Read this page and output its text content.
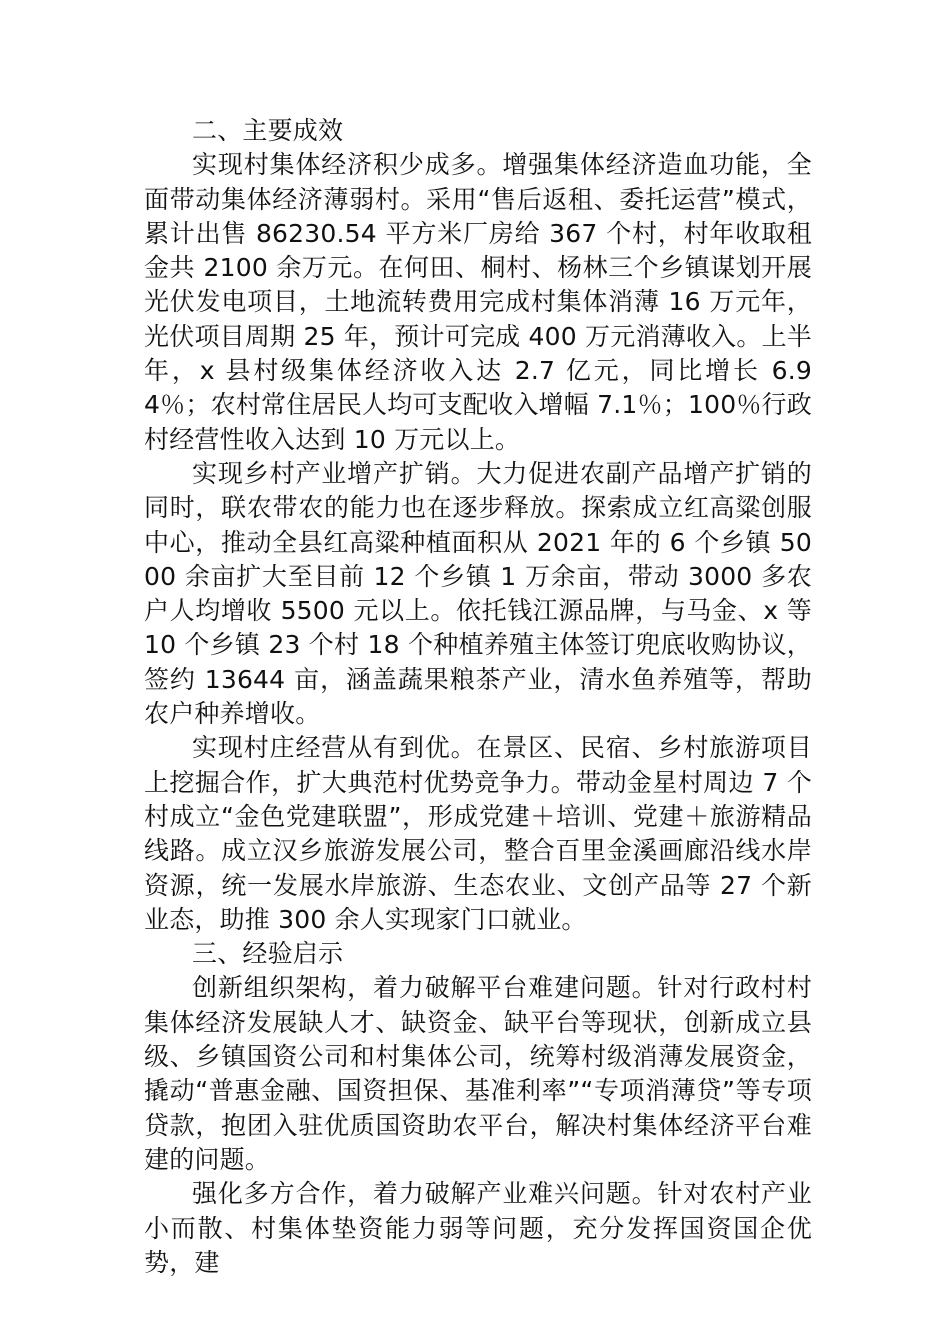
二、主要成效

实现村集体经济积少成多。增强集体经济造血功能，全面带动集体经济薄弱村。采用“售后返租、委托运营”模式，累计出售 86230.54 平方米厂房给 367 个村，村年收取租金共 2100 余万元。在何田、桐村、杨林三个乡镇谋划开展光伏发电项目，土地流转费用完成村集体消薄 16 万元年，光伏项目周期 25 年，预计可完成 400 万元消薄收入。上半年，x 县村级集体经济收入达 2.7 亿元，同比增长 6.94％；农村常住居民人均可支配收入增幅 7.1％；100％行政村经营性收入达到 10 万元以上。

实现乡村产业增产扩销。大力促进农副产品增产扩销的同时，联农带农的能力也在逐步释放。探索成立红高粱创服中心，推动全县红高粱种植面积从 2021 年的 6 个乡镇 5000 余亩扩大至目前 12 个乡镇 1 万余亩，带动 3000 多农户人均增收 5500 元以上。依托钱江源品牌，与马金、x 等 10 个乡镇 23 个村 18 个种植养殖主体签订兜底收购协议，签约 13644 亩，涵盖蔬果粮茶产业，清水鱼养殖等，帮助农户种养增收。

实现村庄经营从有到优。在景区、民宿、乡村旅游项目上挖掘合作，扩大典范村优势竞争力。带动金星村周边 7 个村成立“金色党建联盟”，形成党建＋培训、党建＋旅游精品线路。成立汉乡旅游发展公司，整合百里金溪画廊沿线水岸资源，统一发展水岸旅游、生态农业、文创产品等 27 个新业态，助推 300 余人实现家门口就业。

三、经验启示

创新组织架构，着力破解平台难建问题。针对行政村村集体经济发展缺人才、缺资金、缺平台等现状，创新成立县级、乡镇国资公司和村集体公司，统筹村级消薄发展资金，撬动“普惠金融、国资担保、基准利率”“专项消薄贷”等专项贷款，抱团入驻优质国资助农平台，解决村集体经济平台难建的问题。

强化多方合作，着力破解产业难兴问题。针对农村产业小而散、村集体垫资能力弱等问题，充分发挥国资国企优势，建
